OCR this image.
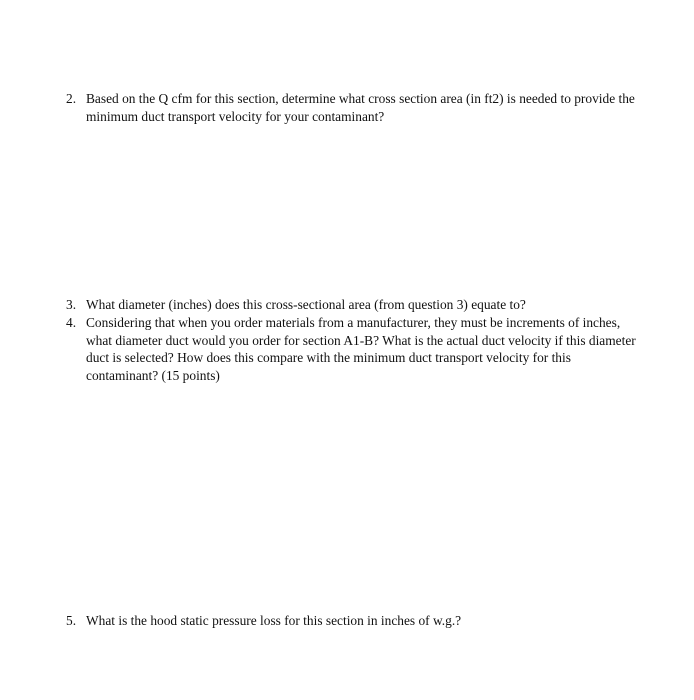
2. Based on the Q cfm for this section, determine what cross section area (in ft2) is needed to provide the minimum duct transport velocity for your contaminant?
3. What diameter (inches) does this cross-sectional area (from question 3) equate to?
4. Considering that when you order materials from a manufacturer, they must be increments of inches, what diameter duct would you order for section A1-B? What is the actual duct velocity if this diameter duct is selected? How does this compare with the minimum duct transport velocity for this contaminant? (15 points)
5. What is the hood static pressure loss for this section in inches of w.g.?
